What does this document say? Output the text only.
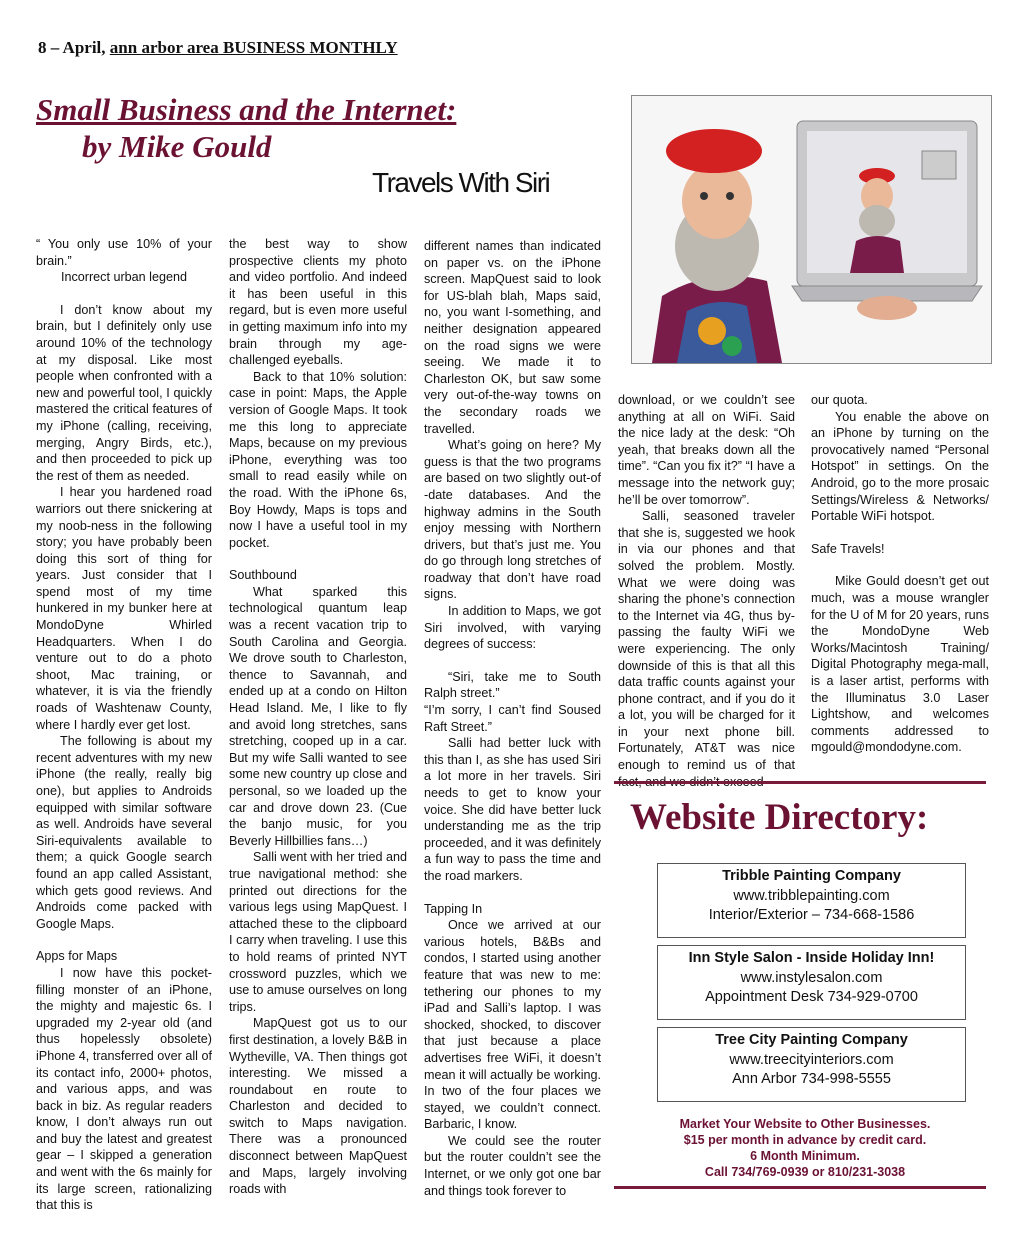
8 – April, ann arbor area BUSINESS MONTHLY
Small Business and the Internet:
by Mike Gould
Travels With Siri

“ You only use 10% of your brain.”

Incorrect urban legend

I don’t know about my brain, but I definitely only use around 10% of the technology at my disposal. Like most people when confronted with a new and powerful tool, I quickly mastered the critical features of my iPhone (calling, receiving, merging, Angry Birds, etc.), and then proceeded to pick up the rest of them as needed.

I hear you hardened road warriors out there snickering at my noob-ness in the following story; you have probably been doing this sort of thing for years. Just consider that I spend most of my time hunkered in my bunker here at MondoDyne Whirled Headquarters. When I do venture out to do a photo shoot, Mac training, or whatever, it is via the friendly roads of Washtenaw County, where I hardly ever get lost.

The following is about my recent adventures with my new iPhone (the really, really big one), but applies to Androids equipped with similar software as well. Androids have several Siri-equivalents available to them; a quick Google search found an app called Assistant, which gets good reviews. And Androids come packed with Google Maps.

Apps for Maps

I now have this pocket-filling monster of an iPhone, the mighty and majestic 6s. I upgraded my 2-year old (and thus hopelessly obsolete) iPhone 4, transferred over all of its contact info, 2000+ photos, and various apps, and was back in biz. As regular readers know, I don’t always run out and buy the latest and greatest gear – I skipped a generation and went with the 6s mainly for its large screen, rationalizing that this is

the best way to show prospective clients my photo and video portfolio. And indeed it has been useful in this regard, but is even more useful in getting maximum info into my brain through my age-challenged eyeballs.

Back to that 10% solution: case in point: Maps, the Apple version of Google Maps. It took me this long to appreciate Maps, because on my previous iPhone, everything was too small to read easily while on the road. With the iPhone 6s, Boy Howdy, Maps is tops and now I have a useful tool in my pocket.

Southbound

What sparked this technological quantum leap was a recent vacation trip to South Carolina and Georgia. We drove south to Charleston, thence to Savannah, and ended up at a condo on Hilton Head Island. Me, I like to fly and avoid long stretches, sans stretching, cooped up in a car. But my wife Salli wanted to see some new country up close and personal, so we loaded up the car and drove down 23. (Cue the banjo music, for you Beverly Hillbillies fans…)

Salli went with her tried and true navigational method: she printed out directions for the various legs using MapQuest. I attached these to the clipboard I carry when traveling. I use this to hold reams of printed NYT crossword puzzles, which we use to amuse ourselves on long trips.

MapQuest got us to our first destination, a lovely B&B in Wytheville, VA. Then things got interesting. We missed a roundabout en route to Charleston and decided to switch to Maps navigation. There was a pronounced disconnect between MapQuest and Maps, largely involving roads with

different names than indicated on paper vs. on the iPhone screen. MapQuest said to look for US-blah blah, Maps said, no, you want I-something, and neither designation appeared on the road signs we were seeing. We made it to Charleston OK, but saw some very out-of-the-way towns on the secondary roads we travelled.

What’s going on here? My guess is that the two programs are based on two slightly out-of -date databases. And the highway admins in the South enjoy messing with Northern drivers, but that’s just me. You do go through long stretches of roadway that don’t have road signs.

In addition to Maps, we got Siri involved, with varying degrees of success:

“Siri, take me to South Ralph street.”

“I’m sorry, I can’t find Soused Raft Street.”

Salli had better luck with this than I, as she has used Siri a lot more in her travels. Siri needs to get to know your voice. She did have better luck understanding me as the trip proceeded, and it was definitely a fun way to pass the time and the road markers.

Tapping In

Once we arrived at our various hotels, B&Bs and condos, I started using another feature that was new to me: tethering our phones to my iPad and Salli’s laptop. I was shocked, shocked, to discover that just because a place advertises free WiFi, it doesn’t mean it will actually be working. In two of the four places we stayed, we couldn’t connect. Barbaric, I know.

We could see the router but the router couldn’t see the Internet, or we only got one bar and things took forever to

download, or we couldn’t see anything at all on WiFi. Said the nice lady at the desk: “Oh yeah, that breaks down all the time”. “Can you fix it?” “I have a message into the network guy; he’ll be over tomorrow”.

Salli, seasoned traveler that she is, suggested we hook in via our phones and that solved the problem. Mostly. What we were doing was sharing the phone’s connection to the Internet via 4G, thus by-passing the faulty WiFi we were experiencing. The only downside of this is that all this data traffic counts against your phone contract, and if you do it a lot, you will be charged for it in your next phone bill. Fortunately, AT&T was nice enough to remind us of that

our quota.

You enable the above on an iPhone by turning on the provocatively named “Personal Hotspot” in settings. On the Android, go to the more prosaic Settings/Wireless & Networks/ Portable WiFi hotspot.

Safe Travels!

Mike Gould doesn’t get out much, was a mouse wrangler for the U of M for 20 years, runs the MondoDyne Web Works/Macintosh Training/ Digital Photography mega-mall, is a laser artist, performs with the Illuminatus 3.0 Laser Lightshow, and welcomes comments addressed to mgould@mondodyne.com.

Website Directory:
Tribble Painting Company
www.tribblepainting.com
Interior/Exterior – 734-668-1586
Inn Style Salon - Inside Holiday Inn!
www.instylesalon.com
Appointment Desk 734-929-0700
Tree City Painting Company
www.treecityinteriors.com
Ann Arbor 734-998-5555
Market Your Website to Other Businesses.
$15 per month in advance by credit card.
6 Month Minimum.
Call 734/769-0939 or 810/231-3038
